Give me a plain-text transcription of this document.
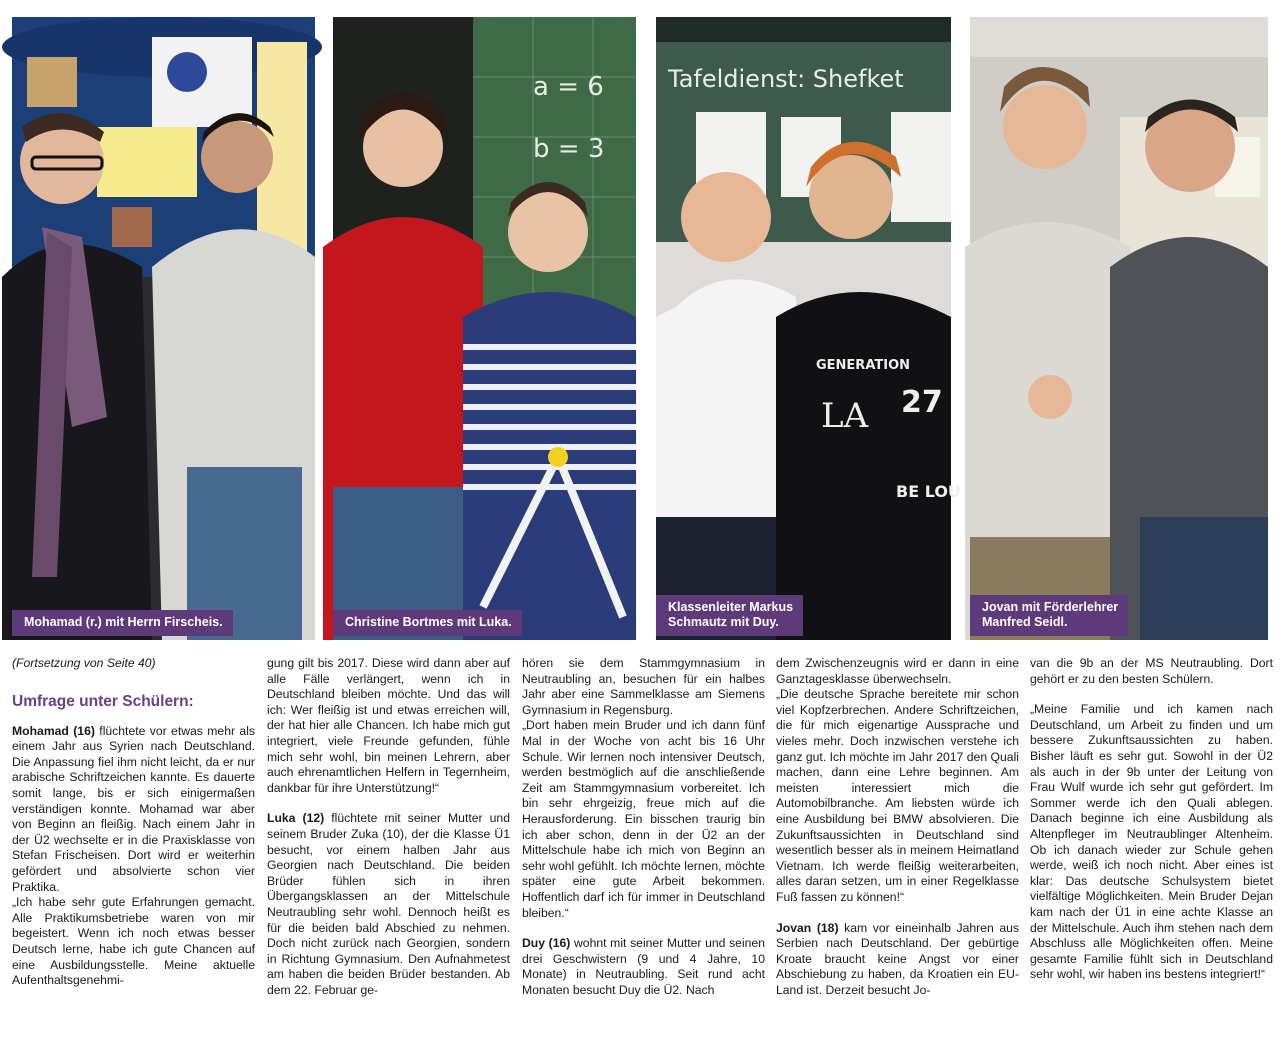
Mohamad (r.) mit Herrn Firscheis.
a = 6
b = 3
Christine Bortmes mit Luka.
Tafeldienst: Shefket
GENERATION
LA 27
BE LOU
Klassenleiter Markus
Schmautz mit Duy.
Jovan mit Förderlehrer
Manfred Seidl.

(Fortsetzung von Seite 40)

Umfrage unter Schülern:

Mohamad (16) flüchtete vor etwas mehr als einem Jahr aus Syrien nach Deutschland. Die Anpassung fiel ihm nicht leicht, da er nur arabische Schriftzeichen kannte. Es dauerte somit lange, bis er sich einigermaßen verständigen konnte. Mohamad war aber von Beginn an fleißig. Nach einem Jahr in der Ü2 wechselte er in die Praxisklasse von Stefan Frischeisen. Dort wird er weiterhin gefördert und absolvierte schon vier Praktika.

„Ich habe sehr gute Erfahrungen gemacht. Alle Praktikumsbetriebe waren von mir begeistert. Wenn ich noch etwas besser Deutsch lerne, habe ich gute Chancen auf eine Ausbildungsstelle. Meine aktuelle Aufenthaltsgenehmi-

gung gilt bis 2017. Diese wird dann aber auf alle Fälle verlängert, wenn ich in Deutschland bleiben möchte. Und das will ich: Wer fleißig ist und etwas erreichen will, der hat hier alle Chancen. Ich habe mich gut integriert, viele Freunde gefunden, fühle mich sehr wohl, bin meinen Lehrern, aber auch ehrenamtlichen Helfern in Tegernheim, dankbar für ihre Unterstützung!“

Luka (12) flüchtete mit seiner Mutter und seinem Bruder Zuka (10), der die Klasse Ü1 besucht, vor einem halben Jahr aus Georgien nach Deutschland. Die beiden Brüder fühlen sich in ihren Übergangsklassen an der Mittelschule Neutraubling sehr wohl. Dennoch heißt es für die beiden bald Abschied zu nehmen. Doch nicht zurück nach Georgien, sondern in Richtung Gymnasium. Den Aufnahmetest am haben die beiden Brüder bestanden. Ab dem 22. Februar ge-

hören sie dem Stammgymnasium in Neutraubling an, besuchen für ein halbes Jahr aber eine Sammelklasse am Siemens Gymnasium in Regensburg.

„Dort haben mein Bruder und ich dann fünf Mal in der Woche von acht bis 16 Uhr Schule. Wir lernen noch intensiver Deutsch, werden bestmöglich auf die anschließende Zeit am Stammgymnasium vorbereitet. Ich bin sehr ehrgeizig, freue mich auf die Herausforderung. Ein bisschen traurig bin ich aber schon, denn in der Ü2 an der Mittelschule habe ich mich von Beginn an sehr wohl gefühlt. Ich möchte lernen, möchte später eine gute Arbeit bekommen. Hoffentlich darf ich für immer in Deutschland bleiben.“

Duy (16) wohnt mit seiner Mutter und seinen drei Geschwistern (9 und 4 Jahre, 10 Monate) in Neutraubling. Seit rund acht Monaten besucht Duy die Ü2. Nach

dem Zwischenzeugnis wird er dann in eine Ganztagesklasse überwechseln.

„Die deutsche Sprache bereitete mir schon viel Kopfzerbrechen. Andere Schriftzeichen, die für mich eigenartige Aussprache und vieles mehr. Doch inzwischen verstehe ich ganz gut. Ich möchte im Jahr 2017 den Quali machen, dann eine Lehre beginnen. Am meisten interessiert mich die Automobilbranche. Am liebsten würde ich eine Ausbildung bei BMW absolvieren. Die Zukunftsaussichten in Deutschland sind wesentlich besser als in meinem Heimatland Vietnam. Ich werde fleißig weiterarbeiten, alles daran setzen, um in einer Regelklasse Fuß fassen zu können!“

Jovan (18) kam vor eineinhalb Jahren aus Serbien nach Deutschland. Der gebürtige Kroate braucht keine Angst vor einer Abschiebung zu haben, da Kroatien ein EU-Land ist. Derzeit besucht Jo-

van die 9b an der MS Neutraubling. Dort gehört er zu den besten Schülern.

„Meine Familie und ich kamen nach Deutschland, um Arbeit zu finden und um bessere Zukunftsaussichten zu haben. Bisher läuft es sehr gut. Sowohl in der Ü2 als auch in der 9b unter der Leitung von Frau Wulf wurde ich sehr gut gefördert. Im Sommer werde ich den Quali ablegen. Danach beginne ich eine Ausbildung als Altenpfleger im Neutraublinger Altenheim. Ob ich danach wieder zur Schule gehen werde, weiß ich noch nicht. Aber eines ist klar: Das deutsche Schulsystem bietet vielfältige Möglichkeiten. Mein Bruder Dejan kam nach der Ü1 in eine achte Klasse an der Mittelschule. Auch ihm stehen nach dem Abschluss alle Möglichkeiten offen. Meine gesamte Familie fühlt sich in Deutschland sehr wohl, wir haben ins bestens integriert!“
